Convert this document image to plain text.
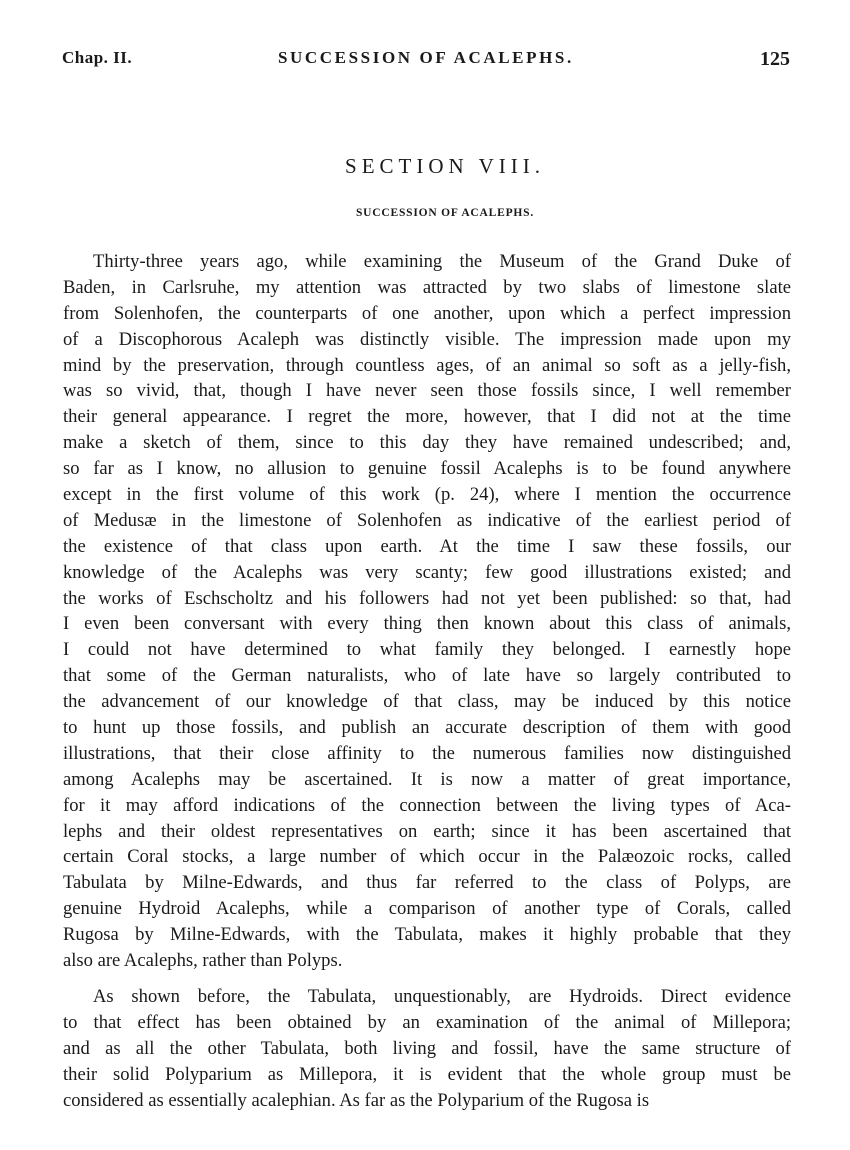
Chap. II.	SUCCESSION OF ACALEPHS.	125
SECTION VIII.
SUCCESSION OF ACALEPHS.
Thirty-three years ago, while examining the Museum of the Grand Duke of
Baden, in Carlsruhe, my attention was attracted by two slabs of limestone slate
from Solenhofen, the counterparts of one another, upon which a perfect impression
of a Discophorous Acaleph was distinctly visible. The impression made upon my
mind by the preservation, through countless ages, of an animal so soft as a jelly-fish,
was so vivid, that, though I have never seen those fossils since, I well remember
their general appearance. I regret the more, however, that I did not at the time
make a sketch of them, since to this day they have remained undescribed; and,
so far as I know, no allusion to genuine fossil Acalephs is to be found anywhere
except in the first volume of this work (p. 24), where I mention the occurrence
of Medusæ in the limestone of Solenhofen as indicative of the earliest period of
the existence of that class upon earth. At the time I saw these fossils, our
knowledge of the Acalephs was very scanty; few good illustrations existed; and
the works of Eschscholtz and his followers had not yet been published: so that, had
I even been conversant with every thing then known about this class of animals,
I could not have determined to what family they belonged. I earnestly hope
that some of the German naturalists, who of late have so largely contributed to
the advancement of our knowledge of that class, may be induced by this notice
to hunt up those fossils, and publish an accurate description of them with good
illustrations, that their close affinity to the numerous families now distinguished
among Acalephs may be ascertained. It is now a matter of great importance,
for it may afford indications of the connection between the living types of Aca-
lephs and their oldest representatives on earth; since it has been ascertained that
certain Coral stocks, a large number of which occur in the Palæozoic rocks, called
Tabulata by Milne-Edwards, and thus far referred to the class of Polyps, are
genuine Hydroid Acalephs, while a comparison of another type of Corals, called
Rugosa by Milne-Edwards, with the Tabulata, makes it highly probable that they
also are Acalephs, rather than Polyps.
As shown before, the Tabulata, unquestionably, are Hydroids. Direct evidence
to that effect has been obtained by an examination of the animal of Millepora;
and as all the other Tabulata, both living and fossil, have the same structure of
their solid Polyparium as Millepora, it is evident that the whole group must be
considered as essentially acalephian. As far as the Polyparium of the Rugosa is
